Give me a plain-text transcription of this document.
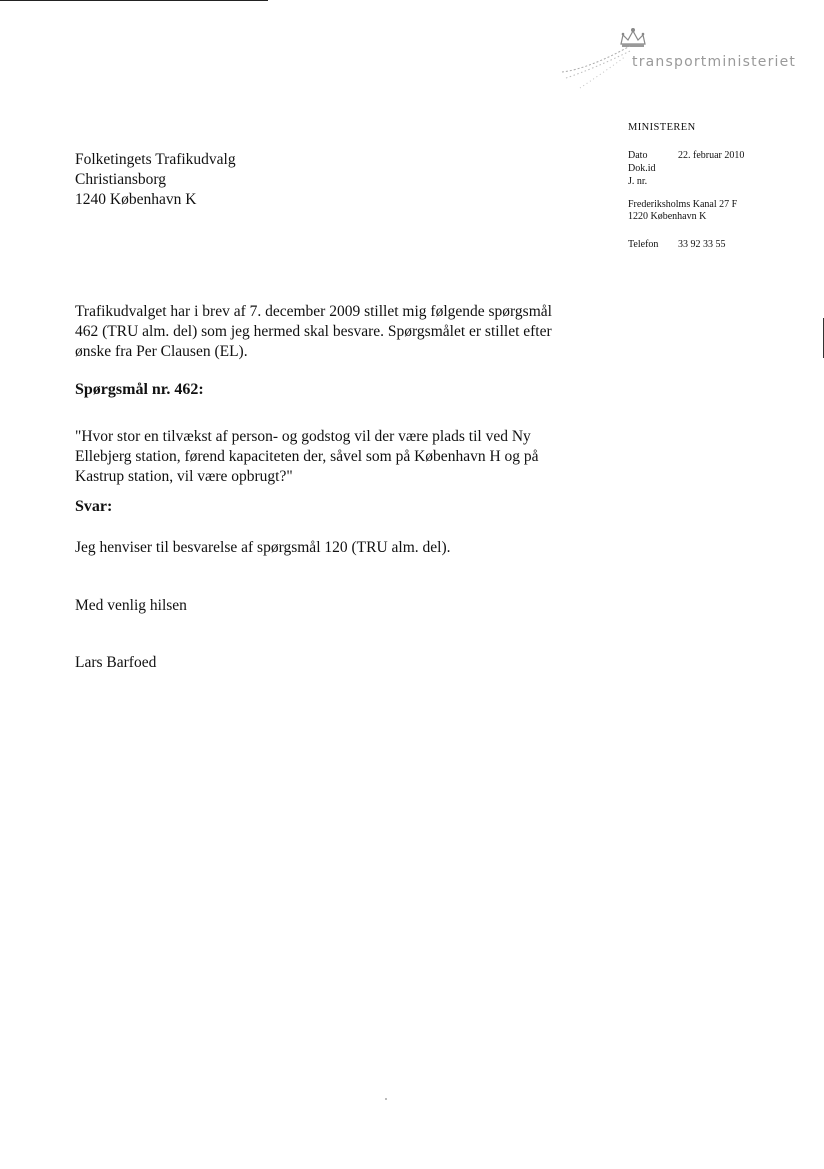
transportministeriet
MINISTEREN
Dato	22. februar 2010
Dok.id
J. nr.
Frederiksholms Kanal 27 F
1220 København K
Telefon 33 92 33 55
Folketingets Trafikudvalg
Christiansborg
1240 København K
Trafikudvalget har i brev af 7. december 2009 stillet mig følgende spørgsmål
462 (TRU alm. del) som jeg hermed skal besvare. Spørgsmålet er stillet efter
ønske fra Per Clausen (EL).
Spørgsmål nr. 462:
"Hvor stor en tilvækst af person- og godstog vil der være plads til ved Ny
Ellebjerg station, førend kapaciteten der, såvel som på København H og på
Kastrup station, vil være opbrugt?"
Svar:
Jeg henviser til besvarelse af spørgsmål 120 (TRU alm. del).
Med venlig hilsen
Lars Barfoed
